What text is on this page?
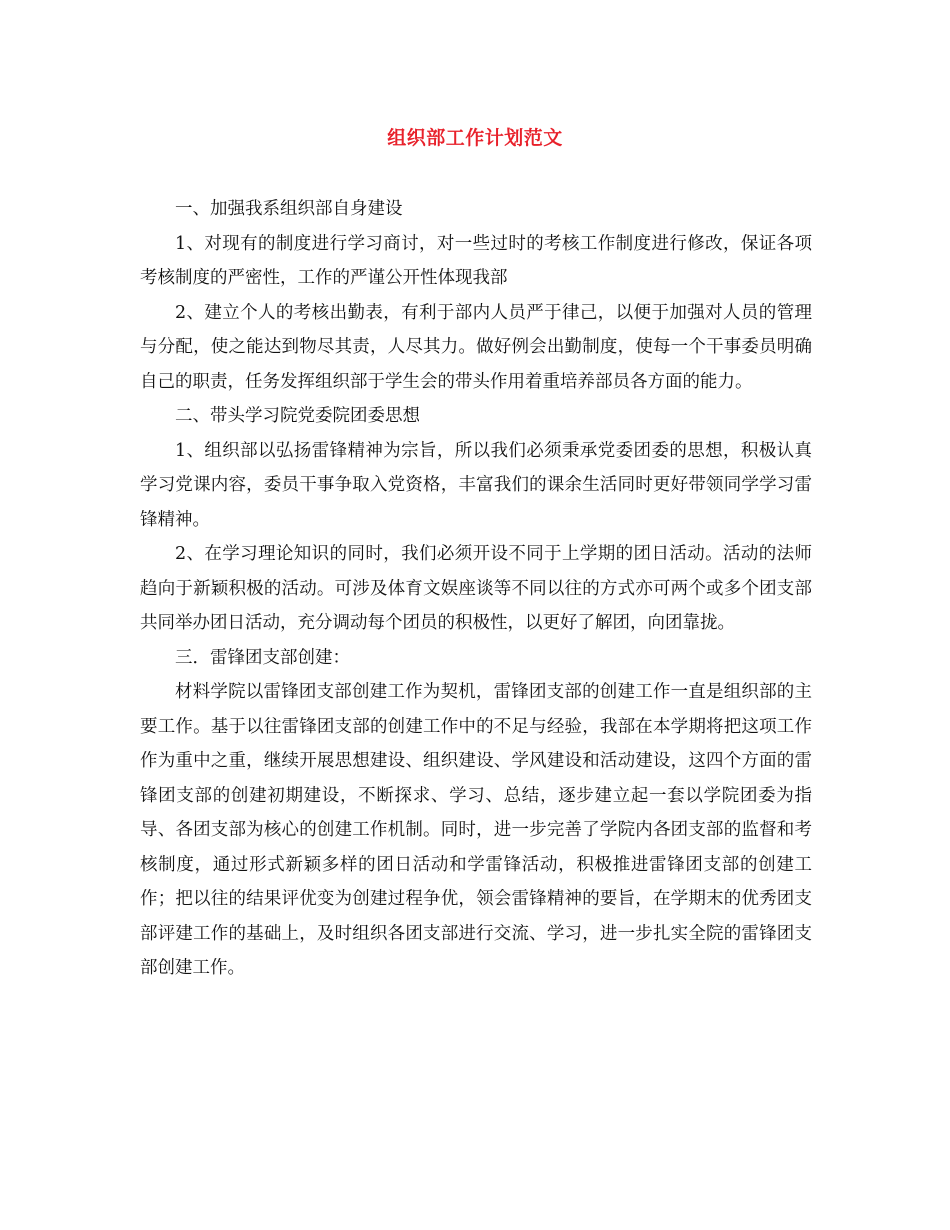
组织部工作计划范文

一、加强我系组织部自身建设

1、对现有的制度进行学习商讨，对一些过时的考核工作制度进行修改，保证各项考核制度的严密性，工作的严谨公开性体现我部

2、建立个人的考核出勤表，有利于部内人员严于律己，以便于加强对人员的管理与分配，使之能达到物尽其责，人尽其力。做好例会出勤制度，使每一个干事委员明确自己的职责，任务发挥组织部于学生会的带头作用着重培养部员各方面的能力。

二、带头学习院党委院团委思想

1、组织部以弘扬雷锋精神为宗旨，所以我们必须秉承党委团委的思想，积极认真学习党课内容，委员干事争取入党资格，丰富我们的课余生活同时更好带领同学学习雷锋精神。

2、在学习理论知识的同时，我们必须开设不同于上学期的团日活动。活动的法师趋向于新颖积极的活动。可涉及体育文娱座谈等不同以往的方式亦可两个或多个团支部共同举办团日活动，充分调动每个团员的积极性，以更好了解团，向团靠拢。

三．雷锋团支部创建：

材料学院以雷锋团支部创建工作为契机，雷锋团支部的创建工作一直是组织部的主要工作。基于以往雷锋团支部的创建工作中的不足与经验，我部在本学期将把这项工作作为重中之重，继续开展思想建设、组织建设、学风建设和活动建设，这四个方面的雷锋团支部的创建初期建设，不断探求、学习、总结，逐步建立起一套以学院团委为指导、各团支部为核心的创建工作机制。同时，进一步完善了学院内各团支部的监督和考核制度，通过形式新颖多样的团日活动和学雷锋活动，积极推进雷锋团支部的创建工作；把以往的结果评优变为创建过程争优，领会雷锋精神的要旨，在学期末的优秀团支部评建工作的基础上，及时组织各团支部进行交流、学习，进一步扎实全院的雷锋团支部创建工作。
